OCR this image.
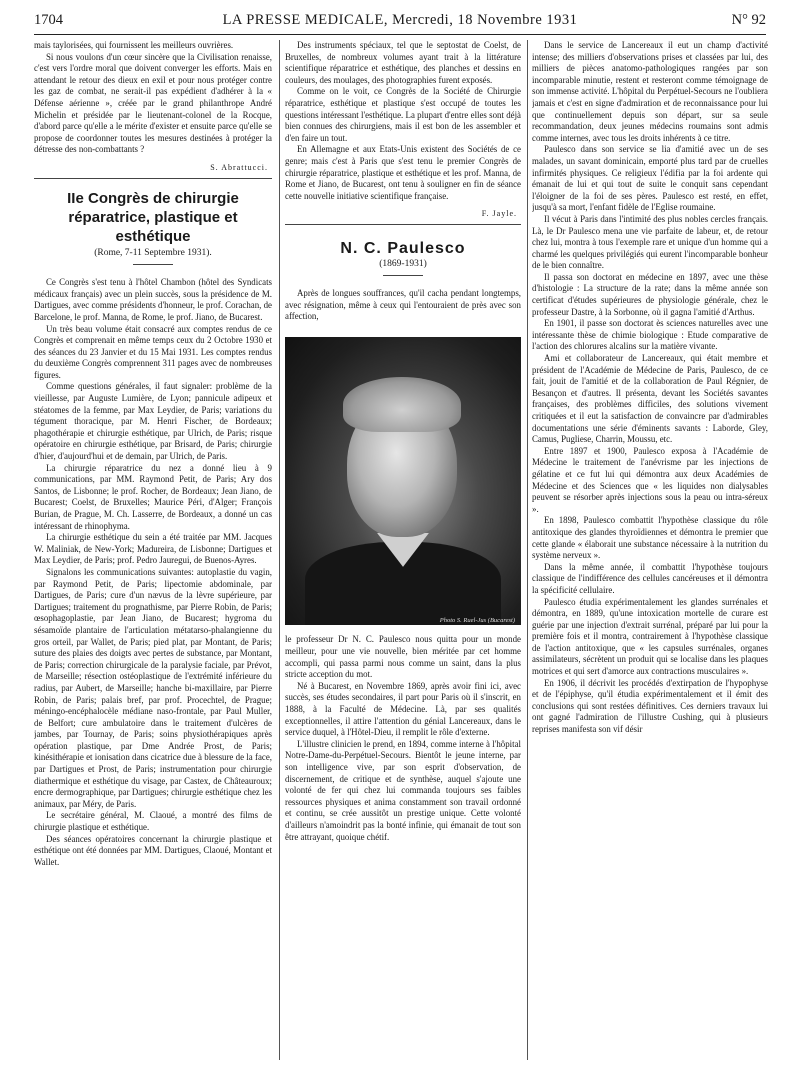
1704	LA PRESSE MEDICALE, Mercredi, 18 Novembre 1931	N° 92

mais taylorisées, qui fournissent les meilleurs ouvrières.

Si nous voulons d'un cœur sincère que la Civilisation renaisse, c'est vers l'ordre moral que doivent converger les efforts. Mais en attendant le retour des dieux en exil et pour nous protéger contre les gaz de combat, ne serait-il pas expédient d'adhérer à la « Défense aérienne », créée par le grand philanthrope André Michelin et présidée par le lieutenant-colonel de la Rocque, d'abord parce qu'elle a le mérite d'exister et ensuite parce qu'elle se propose de coordonner toutes les mesures destinées à protéger la détresse des non-combattants ?

S. Abrattucci.
IIe Congrès de chirurgie réparatrice, plastique et esthétique
(Rome, 7-11 Septembre 1931).

Ce Congrès s'est tenu à l'hôtel Chambon (hôtel des Syndicats médicaux français) avec un plein succès, sous la présidence de M. Dartigues, avec comme présidents d'honneur, le prof. Corachan, de Barcelone, le prof. Manna, de Rome, le prof. Jiano, de Bucarest.

Un très beau volume était consacré aux comptes rendus de ce Congrès et comprenait en même temps ceux du 2 Octobre 1930 et des séances du 23 Janvier et du 15 Mai 1931. Les comptes rendus du deuxième Congrès comprennent 311 pages avec de nombreuses figures.

Comme questions générales, il faut signaler: problème de la vieillesse, par Auguste Lumière, de Lyon; pannicule adipeux et stéatomes de la femme, par Max Leydier, de Paris; variations du tégument thoracique, par M. Henri Fischer, de Bordeaux; phagothérapie et chirurgie esthétique, par Ulrich, de Paris; risque opératoire en chirurgie esthétique, par Brisard, de Paris; chirurgie d'hier, d'aujourd'hui et de demain, par Ulrich, de Paris.

La chirurgie réparatrice du nez a donné lieu à 9 communications, par MM. Raymond Petit, de Paris; Ary dos Santos, de Lisbonne; le prof. Rocher, de Bordeaux; Jean Jiano, de Bucarest; Coelst, de Bruxelles; Maurice Péri, d'Alger; François Burian, de Prague, M. Ch. Lasserre, de Bordeaux, a donné un cas intéressant de rhinophyma.

La chirurgie esthétique du sein a été traitée par MM. Jacques W. Maliniak, de New-York; Madureira, de Lisbonne; Dartigues et Max Leydier, de Paris; prof. Pedro Jauregui, de Buenos-Ayres.

Signalons les communications suivantes: autoplastie du vagin, par Raymond Petit, de Paris; lipectomie abdominale, par Dartigues, de Paris; cure d'un nævus de la lèvre supérieure, par Dartigues; traitement du prognathisme, par Pierre Robin, de Paris; œsophagoplastie, par Jean Jiano, de Bucarest; hygroma du sésamoïde plantaire de l'articulation métatarso-phalangienne du gros orteil, par Wallet, de Paris; pied plat, par Montant, de Paris; suture des plaies des doigts avec pertes de substance, par Montant, de Paris; correction chirurgicale de la paralysie faciale, par Prévot, de Marseille; résection ostéoplastique de l'extrémité inférieure du radius, par Aubert, de Marseille; hanche bi-maxillaire, par Pierre Robin, de Paris; palais bref, par prof. Procechtel, de Prague; méningo-encéphalocèle médiane naso-frontale, par Paul Muller, de Belfort; cure ambulatoire dans le traitement d'ulcères de jambes, par Tournay, de Paris; soins physiothérapiques après opération plastique, par Dme Andrée Prost, de Paris; kinésithérapie et ionisation dans cicatrice due à blessure de la face, par Dartigues et Prost, de Paris; instrumentation pour chirurgie diathermique et esthétique du visage, par Castex, de Châteauroux; encre dermographique, par Dartigues; chirurgie esthétique chez les animaux, par Méry, de Paris.

Le secrétaire général, M. Claoué, a montré des films de chirurgie plastique et esthétique.

Des séances opératoires concernant la chirurgie plastique et esthétique ont été données par MM. Dartigues, Claoué, Montant et Wallet.

Des instruments spéciaux, tel que le septostat de Coelst, de Bruxelles, de nombreux volumes ayant trait à la littérature scientifique réparatrice et esthétique, des planches et dessins en couleurs, des moulages, des photographies furent exposés.

Comme on le voit, ce Congrès de la Société de Chirurgie réparatrice, esthétique et plastique s'est occupé de toutes les questions intéressant l'esthétique. La plupart d'entre elles sont déjà bien connues des chirurgiens, mais il est bon de les assembler et d'en faire un tout.

En Allemagne et aux Etats-Unis existent des Sociétés de ce genre; mais c'est à Paris que s'est tenu le premier Congrès de chirurgie réparatrice, plastique et esthétique et les prof. Manna, de Rome et Jiano, de Bucarest, ont tenu à souligner en fin de séance cette nouvelle initiative scientifique française.

F. Jayle.
N. C. Paulesco
(1869-1931)

Après de longues souffrances, qu'il cacha pendant longtemps, avec résignation, même à ceux qui l'entouraient de près avec son affection,

Photo S. Ruel-Jus (Bucarest)

le professeur Dr N. C. Paulesco nous quitta pour un monde meilleur, pour une vie nouvelle, bien méritée par cet homme accompli, qui passa parmi nous comme un saint, dans la plus stricte acception du mot.

Né à Bucarest, en Novembre 1869, après avoir fini ici, avec succès, ses études secondaires, il part pour Paris où il s'inscrit, en 1888, à la Faculté de Médecine. Là, par ses qualités exceptionnelles, il attire l'attention du génial Lancereaux, dans le service duquel, à l'Hôtel-Dieu, il remplit le rôle d'externe.

L'illustre clinicien le prend, en 1894, comme interne à l'hôpital Notre-Dame-du-Perpétuel-Secours. Bientôt le jeune interne, par son intelligence vive, par son esprit d'observation, de discernement, de critique et de synthèse, auquel s'ajoute une volonté de fer qui chez lui commanda toujours ses faibles ressources physiques et anima constamment son travail ordonné et continu, se crée aussitôt un prestige unique. Cette volonté d'ailleurs n'amoindrit pas la bonté infinie, qui émanait de tout son être attrayant, quoique chétif.

Dans le service de Lancereaux il eut un champ d'activité intense; des milliers d'observations prises et classées par lui, des milliers de pièces anatomo-pathologiques rangées par son incomparable minutie, restent et resteront comme témoignage de son immense activité. L'hôpital du Perpétuel-Secours ne l'oubliera jamais et c'est en signe d'admiration et de reconnaissance pour lui que continuellement depuis son départ, sur sa seule recommandation, deux jeunes médecins roumains sont admis comme internes, avec tous les droits inhérents à ce titre.

Paulesco dans son service se lia d'amitié avec un de ses malades, un savant dominicain, emporté plus tard par de cruelles infirmités physiques. Ce religieux l'édifia par la foi ardente qui émanait de lui et qui tout de suite le conquit sans cependant l'éloigner de la foi de ses pères. Paulesco est resté, en effet, jusqu'à sa mort, l'enfant fidèle de l'Eglise roumaine.

Il vécut à Paris dans l'intimité des plus nobles cercles français. Là, le Dr Paulesco mena une vie parfaite de labeur, et, de retour chez lui, montra à tous l'exemple rare et unique d'un homme qui a charmé les quelques privilégiés qui eurent l'incomparable bonheur de le bien connaître.

Il passa son doctorat en médecine en 1897, avec une thèse d'histologie : La structure de la rate; dans la même année son certificat d'études supérieures de physiologie générale, chez le professeur Dastre, à la Sorbonne, où il gagna l'amitié d'Arthus.

En 1901, il passe son doctorat ès sciences naturelles avec une intéressante thèse de chimie biologique : Etude comparative de l'action des chlorures alcalins sur la matière vivante.

Ami et collaborateur de Lancereaux, qui était membre et président de l'Académie de Médecine de Paris, Paulesco, de ce fait, jouit de l'amitié et de la collaboration de Paul Régnier, de Besançon et d'autres. Il présenta, devant les Sociétés savantes françaises, des problèmes difficiles, des solutions vivement critiquées et il eut la satisfaction de convaincre par d'admirables documentations une série d'éminents savants : Laborde, Gley, Camus, Pugliese, Charrin, Moussu, etc.

Entre 1897 et 1900, Paulesco exposa à l'Académie de Médecine le traitement de l'anévrisme par les injections de gélatine et ce fut lui qui démontra aux deux Académies de Médecine et des Sciences que « les liquides non dialysables peuvent se résorber après injections sous la peau ou intra-séreux ».

En 1898, Paulesco combattit l'hypothèse classique du rôle antitoxique des glandes thyroïdiennes et démontra le premier que cette glande « élaborait une substance nécessaire à la nutrition du système nerveux ».

Dans la même année, il combattit l'hypothèse toujours classique de l'indifférence des cellules cancéreuses et il démontra la spécificité cellulaire.

Paulesco étudia expérimentalement les glandes surrénales et démontra, en 1889, qu'une intoxication mortelle de curare est guérie par une injection d'extrait surrénal, préparé par lui pour la première fois et il montra, contrairement à l'hypothèse classique de l'action antitoxique, que « les capsules surrénales, organes assimilateurs, sécrètent un produit qui se localise dans les plaques motrices et qui sert d'amorce aux contractions musculaires ».

En 1906, il décrivit les procédés d'extirpation de l'hypophyse et de l'épiphyse, qu'il étudia expérimentalement et il émit des conclusions qui sont restées définitives. Ces derniers travaux lui ont gagné l'admiration de l'illustre Cushing, qui à plusieurs reprises manifesta son vif désir
